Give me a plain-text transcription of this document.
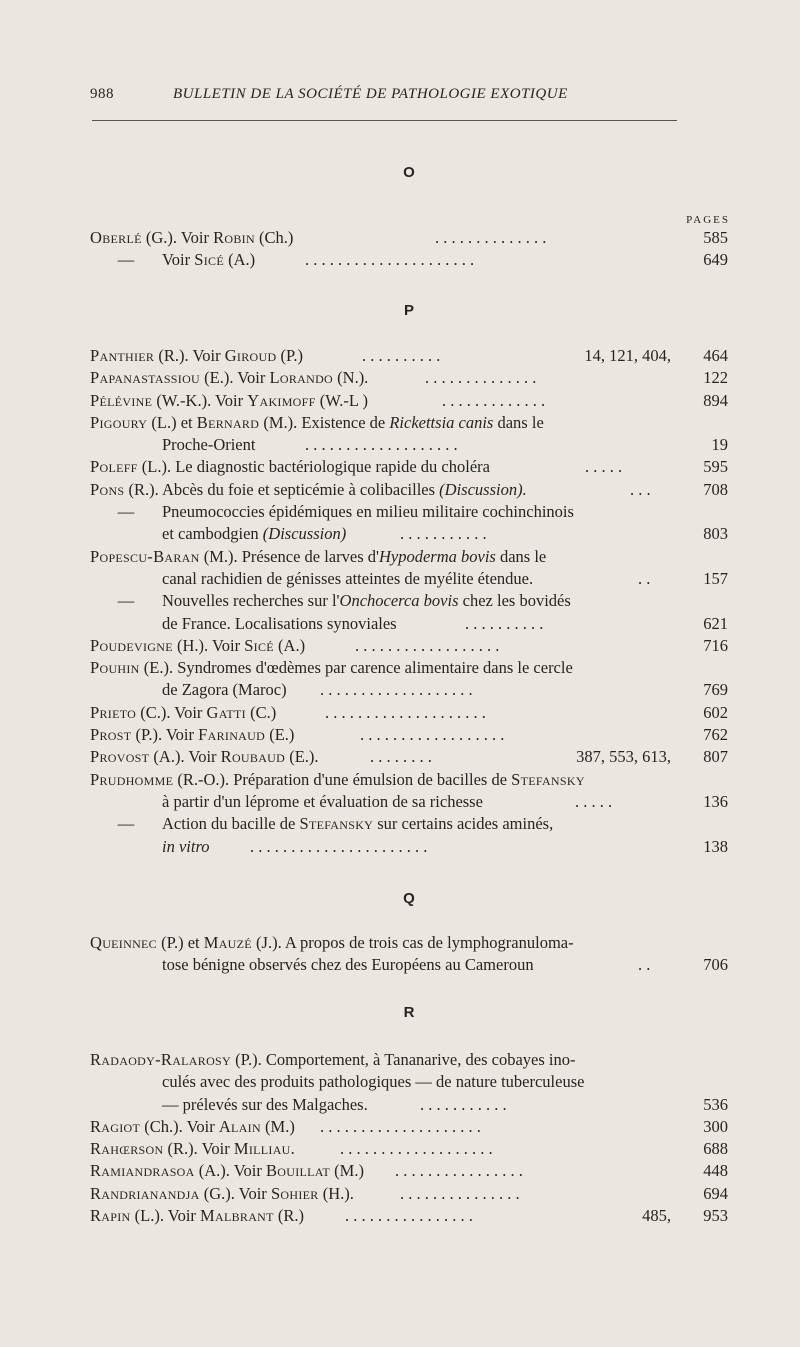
988	BULLETIN DE LA SOCIÉTÉ DE PATHOLOGIE EXOTIQUE
O
PAGES
Oberlé (G.). Voir Robin (Ch.)	. . . . . . . . . . . . . .	585
— Voir Sicé (A.)	. . . . . . . . . . . . . . . . . . . . .	649
P
Panthier (R.). Voir Giroud (P.)	. . . . . . . . . .	14, 121, 404, 464
Papanastassiou (E.). Voir Lorando (N.).	. . . . . . . . . . . . . .	122
Pélévine (W.-K.). Voir Yakimoff (W.-L )	. . . . . . . . . . . . .	894
Pigoury (L.) et Bernard (M.). Existence de Rickettsia canis dans le
Proche-Orient	. . . . . . . . . . . . . . . . . . .	19
Poleff (L.). Le diagnostic bactériologique rapide du choléra	. . . . .	595
Pons (R.). Abcès du foie et septicémie à colibacilles (Discussion).	. . .	708
— Pneumococcies épidémiques en milieu militaire cochinchinois
et cambodgien (Discussion)	. . . . . . . . . . .	803
Popescu-Baran (M.). Présence de larves d'Hypoderma bovis dans le
canal rachidien de génisses atteintes de myélite étendue.	. .	157
— Nouvelles recherches sur l'Onchocerca bovis chez les bovidés
de France. Localisations synoviales	. . . . . . . . . .	621
Poudevigne (H.). Voir Sicé (A.)	. . . . . . . . . . . . . . . . . .	716
Pouhin (E.). Syndromes d'œdèmes par carence alimentaire dans le cercle
de Zagora (Maroc) . . . . . . . . . . . . . . . . . . .	769
Prieto (C.). Voir Gatti (C.)	. . . . . . . . . . . . . . . . . . . .	602
Prost (P.). Voir Farinaud (E.)	. . . . . . . . . . . . . . . . . .	762
Provost (A.). Voir Roubaud (E.).	. . . . . . . .	387, 553, 613, 807
Prudhomme (R.-O.). Préparation d'une émulsion de bacilles de Stefansky
à partir d'un léprome et évaluation de sa richesse	. . . . .	136
— Action du bacille de Stefansky sur certains acides aminés,
in vitro . . . . . . . . . . . . . . . . . . . . . .	138
Q
Queinnec (P.) et Mauzé (J.). A propos de trois cas de lymphogranuloma-
tose bénigne observés chez des Européens au Cameroun	. .	706
R
Radaody-Ralarosy (P.). Comportement, à Tananarive, des cobayes ino-
culés avec des produits pathologiques — de nature tuberculeuse
— prélevés sur des Malgaches.	. . . . . . . . . . .	536
Ragiot (Ch.). Voir Alain (M.) . . . . . . . . . . . . . . . . . . . .	300
Rahœrson (R.). Voir Milliau.	. . . . . . . . . . . . . . . . . . .	688
Ramiandrasoa (A.). Voir Bouillat (M.) . . . . . . . . . . . . . . . .	448
Randrianandja (G.). Voir Sohier (H.).	. . . . . . . . . . . . . . .	694
Rapin (L.). Voir Malbrant (R.) . . . . . . . . . . . . . . . .	485, 953
